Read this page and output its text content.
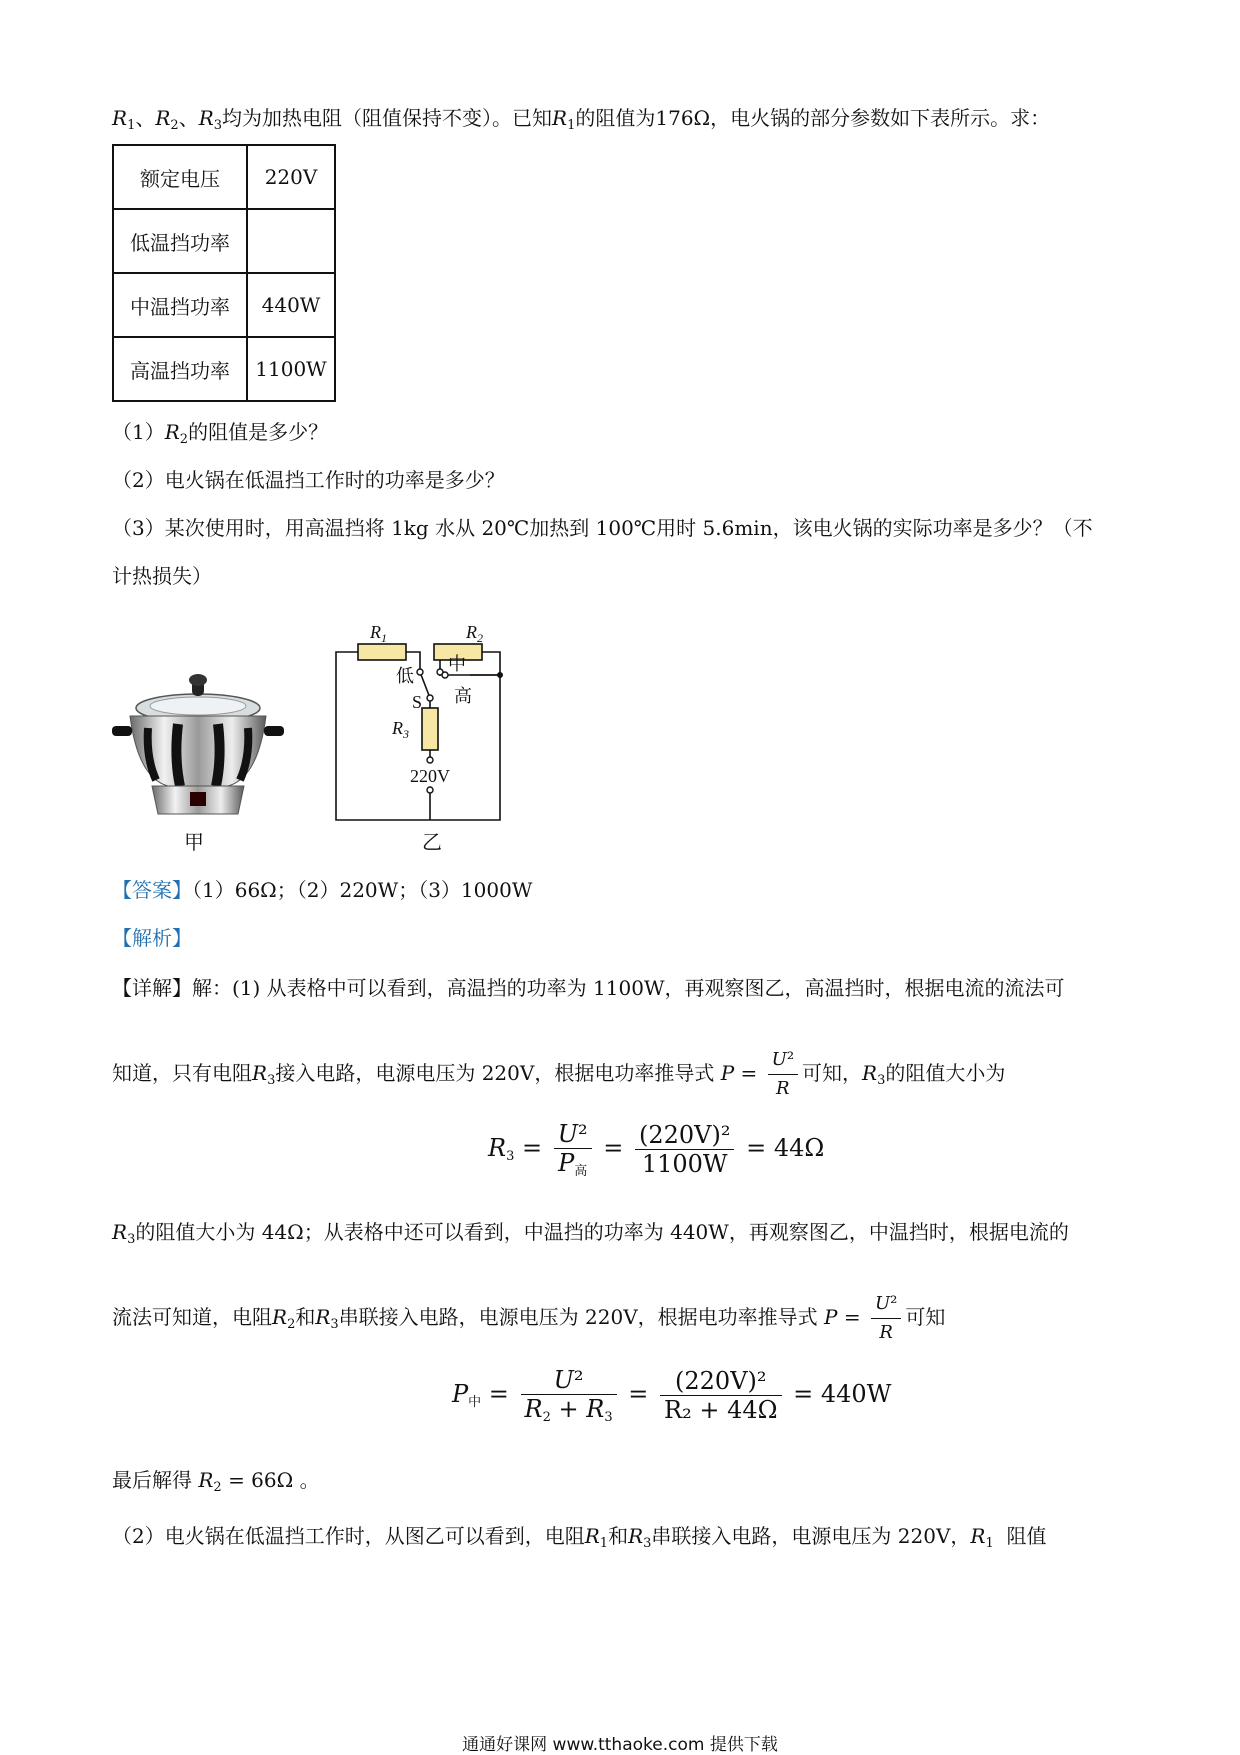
$R_1$、$R_2$、$R_3$均为加热电阻（阻值保持不变）。已知$R_1$的阻值为176Ω，电火锅的部分参数如下表所示。求：
额定电压	220V
低温挡功率	
中温挡功率	440W
高温挡功率	1100W
$(1)R_2$的阻值是多少？
（2）电火锅在低温挡工作时的功率是多少？
（3）某次使用时，用高温挡将 1kg 水从 20℃加热到 100℃用时 5.6min，该电火锅的实际功率是多少？（不
计热损失）
甲
$R_1$	$R_2$
$R_3$
低
中
高
S
220V
乙
【答案】（1）66Ω；（2）220W；（3）1000W
【解析】
【详解】解：(1) 从表格中可以看到，高温挡的功率为 1100W，再观察图乙，高温挡时，根据电流的流法可
知道，只有电阻$R_3$接入电路，电源电压为 220V，根据电功率推导式 $P = \frac{\text{U²}}{R}$ 可知，$R_3$的阻值大小为
$R_3 = \frac{\text{U²}}{P_高} = \frac{\text{(220V)²}}{1100W} = 44\Omega$
$R_3$的阻值大小为 44Ω；从表格中还可以看到，中温挡的功率为 440W，再观察图乙，中温挡时，根据电流的
流法可知道，电阻$R_2$和$R_3$串联接入电路，电源电压为 220V，根据电功率推导式 $P = \frac{\text{U²}}{R}$ 可知
$P_中 = \frac{\text{U²}}{R_2 + R_3} = \frac{\text{(220V)²}}{\text{R₂ + 44Ω}} = 440W$
最后解得 $R_2 = 66\Omega$ 。
（2）电火锅在低温挡工作时，从图乙可以看到，电阻$R_1$和$R_3$串联接入电路，电源电压为 220V，$R_1$ 阻值
通通好课网 www.tthaoke.com 提供下载
